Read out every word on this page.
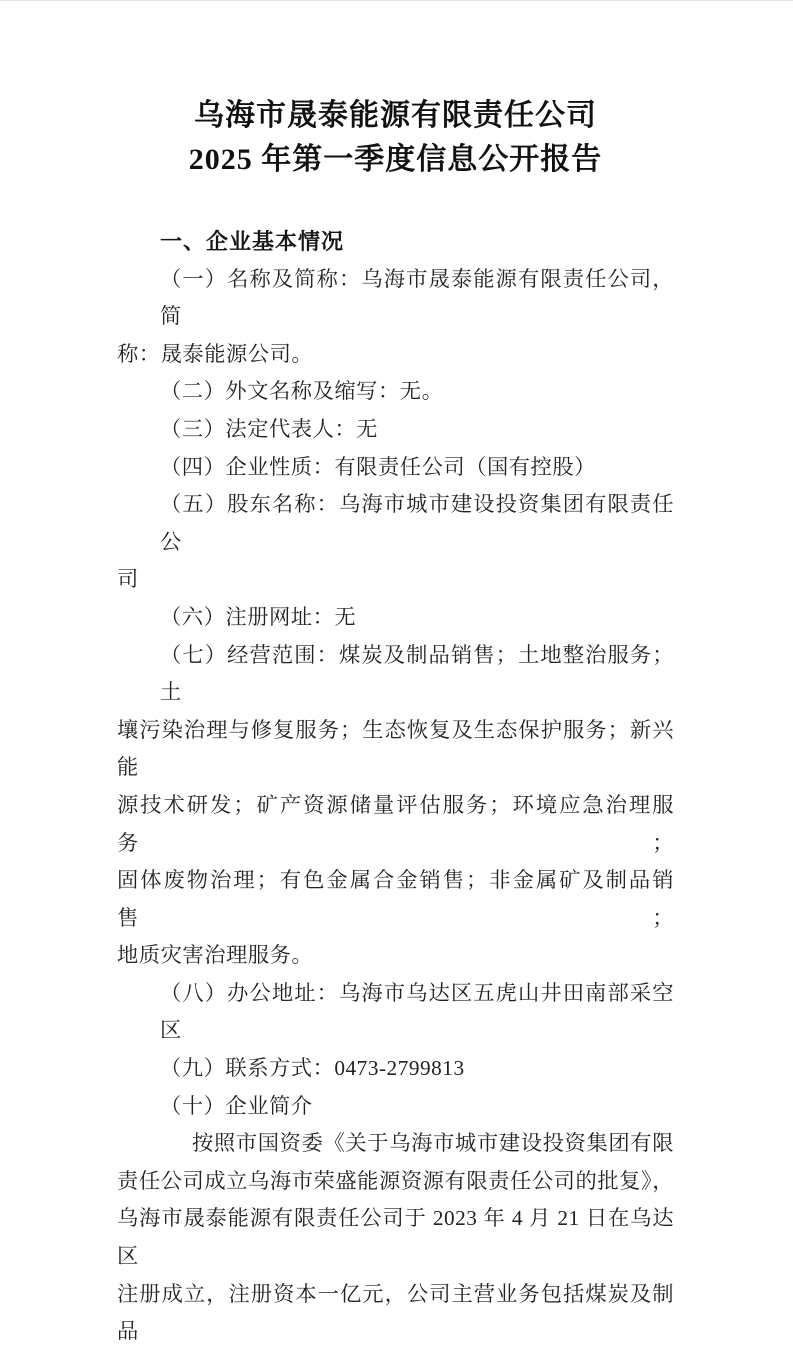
乌海市晟泰能源有限责任公司
2025 年第一季度信息公开报告
一、企业基本情况
（一）名称及简称：乌海市晟泰能源有限责任公司，简
称：晟泰能源公司。
（二）外文名称及缩写：无。
（三）法定代表人：无
（四）企业性质：有限责任公司（国有控股）
（五）股东名称：乌海市城市建设投资集团有限责任公
司
（六）注册网址：无
（七）经营范围：煤炭及制品销售；土地整治服务；土
壤污染治理与修复服务；生态恢复及生态保护服务；新兴能
源技术研发；矿产资源储量评估服务；环境应急治理服务；
固体废物治理；有色金属合金销售；非金属矿及制品销售；
地质灾害治理服务。
（八）办公地址：乌海市乌达区五虎山井田南部采空区
（九）联系方式：0473-2799813
（十）企业简介
按照市国资委《关于乌海市城市建设投资集团有限
责任公司成立乌海市荣盛能源资源有限责任公司的批复》，
乌海市晟泰能源有限责任公司于 2023 年 4 月 21 日在乌达区
注册成立，注册资本一亿元，公司主营业务包括煤炭及制品
